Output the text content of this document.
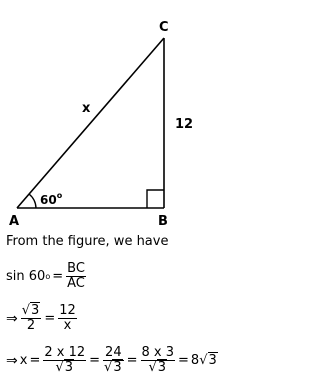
A	B
C
x
12
60$^o$
From the figure, we have
sin 60 $o = \frac{BC}{AC}$
⇒ $\frac{√3}{2} = \frac{12}{x}$
⇒ $x = \frac{2 x 12}{√3} = \frac{24}{√3} = \frac{8 x 3}{√3} = 8$ √3
